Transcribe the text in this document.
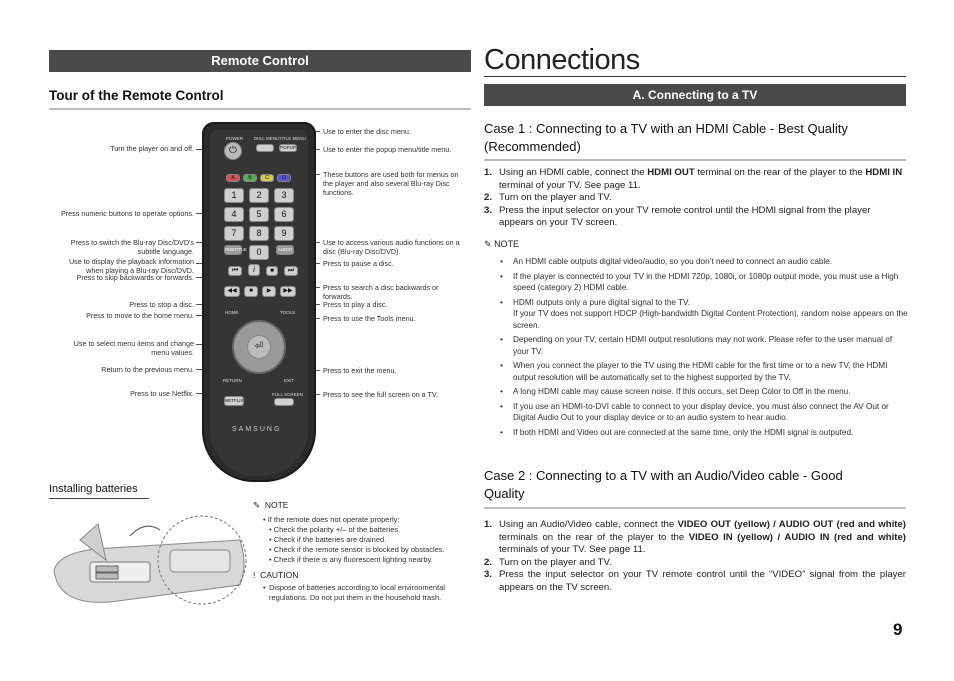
Remote Control
Tour of the Remote Control
Turn the player on and off.
Press numeric buttons to operate options.
Press to switch the Blu-ray Disc/DVD's subtitle language.
Use to display the playback information when playing a Blu-ray Disc/DVD.
Press to skip backwards or forwards.
Press to stop a disc.
Press to move to the home menu.
Use to select menu items and change menu values.
Return to the previous menu.
Press to use Netflix.
Use to enter the disc menu.
Use to enter the popup menu/title menu.
These buttons are used both for menus on the player and also several Blu-ray Disc functions.
Use to access various audio functions on a disc (Blu-ray Disc/DVD).
Press to pause a disc.
Press to search a disc backwards or forwards.
Press to play a disc.
Press to use the Tools menu.
Press to exit the menu.
Press to see the full screen on a TV.
POWER
⏻
DISC MENU TITLE MENU
POPUP
A	B	C	D
1	2	3
4	5	6
7	8	9
SUBTITLE	0	AUDIO
⏮	i	■	⏭
◀◀	■	▶	▶▶
HOME	TOOLS
⏎
RETURN	EXIT
NETFLIX
FULL SCREEN
SAMSUNG
Installing batteries
✎ NOTE
• If the remote does not operate properly:
• Check the polarity +/– of the batteries.
• Check if the batteries are drained.
• Check if the remote sensor is blocked by obstacles.
• Check if there is any fluorescent lighting nearby.
! CAUTION
• Dispose of batteries according to local environmental regulations. Do not put them in the household trash.
Connections
A. Connecting to a TV
Case 1 : Connecting to a TV with an HDMI Cable - Best Quality (Recommended)
1. Using an HDMI cable, connect the HDMI OUT terminal on the rear of the player to the HDMI IN terminal of your TV. See page 11.
2. Turn on the player and TV.
3. Press the input selector on your TV remote control until the HDMI signal from the player appears on your TV screen.
✎ NOTE
•	An HDMI cable outputs digital video/audio, so you don’t need to connect an audio cable.
•	If the player is connected to your TV in the HDMI 720p, 1080i, or 1080p output mode, you must use a High speed (category 2) HDMI cable.
•	HDMI outputs only a pure digital signal to the TV.
If your TV does not support HDCP (High-bandwidth Digital Content Protection), random noise appears on the screen.
•	Depending on your TV, certain HDMI output resolutions may not work. Please refer to the user manual of your TV.
•	When you connect the player to the TV using the HDMI cable for the first time or to a new TV, the HDMI output resolution will be automatically set to the highest supported by the TV.
•	A long HDMI cable may cause screen noise. If this occurs, set Deep Color to Off in the menu.
•	If you use an HDMI-to-DVI cable to connect to your display device, you must also connect the AV Out or Digital Audio Out to your display device or to an audio system to hear audio.
•	If both HDMI and Video out are connected at the same time, only the HDMI signal is outputed.
Case 2 : Connecting to a TV with an Audio/Video cable - Good Quality
1. Using an Audio/Video cable, connect the VIDEO OUT (yellow) / AUDIO OUT (red and white) terminals on the rear of the player to the VIDEO IN (yellow) / AUDIO IN (red and white) terminals of your TV. See page 11.
2. Turn on the player and TV.
3. Press the input selector on your TV remote control until the “VIDEO” signal from the player appears on the TV screen.
9
